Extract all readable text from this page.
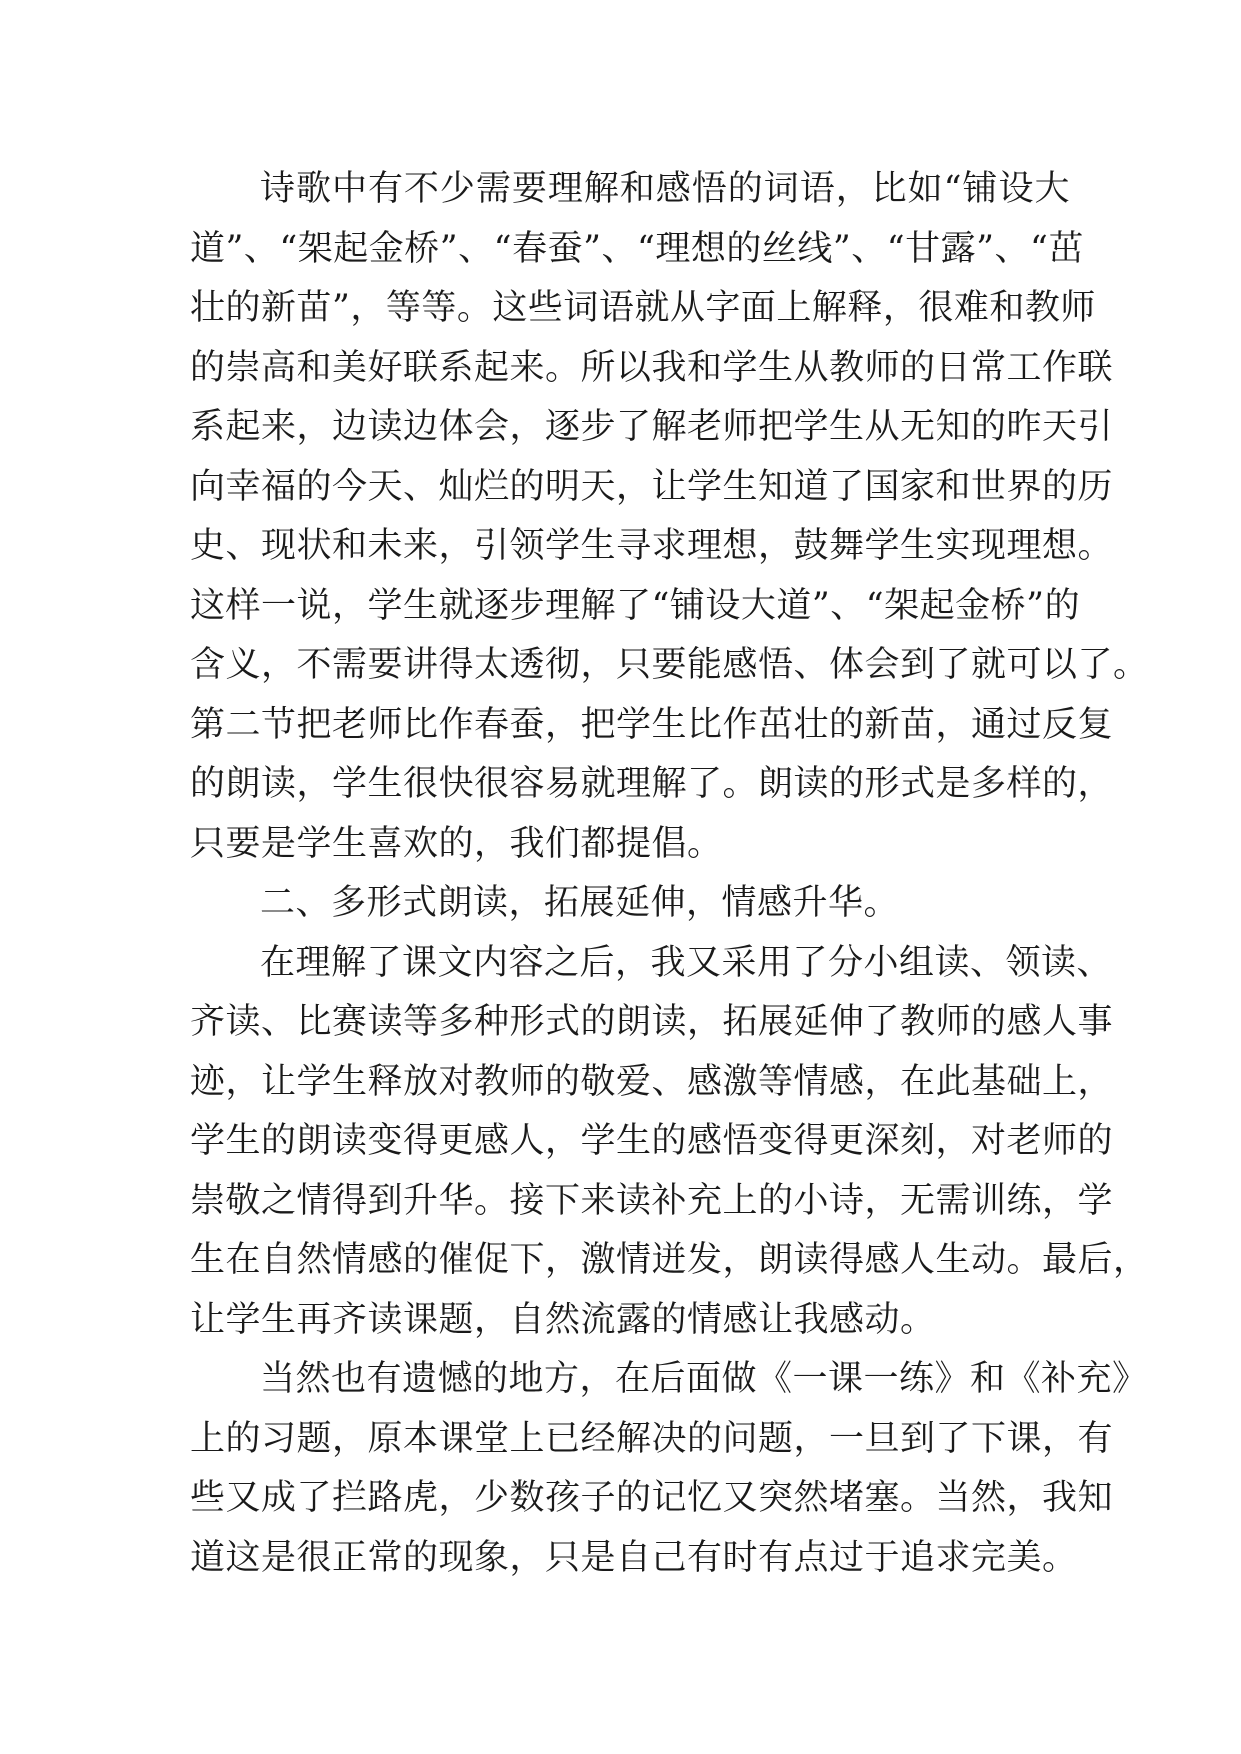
诗歌中有不少需要理解和感悟的词语，比如“铺设大
道”、“架起金桥”、“春蚕”、“理想的丝线”、“甘露”、“茁
壮的新苗”，等等。这些词语就从字面上解释，很难和教师
的崇高和美好联系起来。所以我和学生从教师的日常工作联
系起来，边读边体会，逐步了解老师把学生从无知的昨天引
向幸福的今天、灿烂的明天，让学生知道了国家和世界的历
史、现状和未来，引领学生寻求理想，鼓舞学生实现理想。
这样一说，学生就逐步理解了“铺设大道”、“架起金桥”的
含义，不需要讲得太透彻，只要能感悟、体会到了就可以了。
第二节把老师比作春蚕，把学生比作茁壮的新苗，通过反复
的朗读，学生很快很容易就理解了。朗读的形式是多样的，
只要是学生喜欢的，我们都提倡。
二、多形式朗读，拓展延伸，情感升华。
在理解了课文内容之后，我又采用了分小组读、领读、
齐读、比赛读等多种形式的朗读，拓展延伸了教师的感人事
迹，让学生释放对教师的敬爱、感激等情感，在此基础上，
学生的朗读变得更感人，学生的感悟变得更深刻，对老师的
崇敬之情得到升华。接下来读补充上的小诗，无需训练，学
生在自然情感的催促下，激情迸发，朗读得感人生动。最后，
让学生再齐读课题，自然流露的情感让我感动。
当然也有遗憾的地方，在后面做《一课一练》和《补充》
上的习题，原本课堂上已经解决的问题，一旦到了下课，有
些又成了拦路虎，少数孩子的记忆又突然堵塞。当然，我知
道这是很正常的现象，只是自己有时有点过于追求完美。
